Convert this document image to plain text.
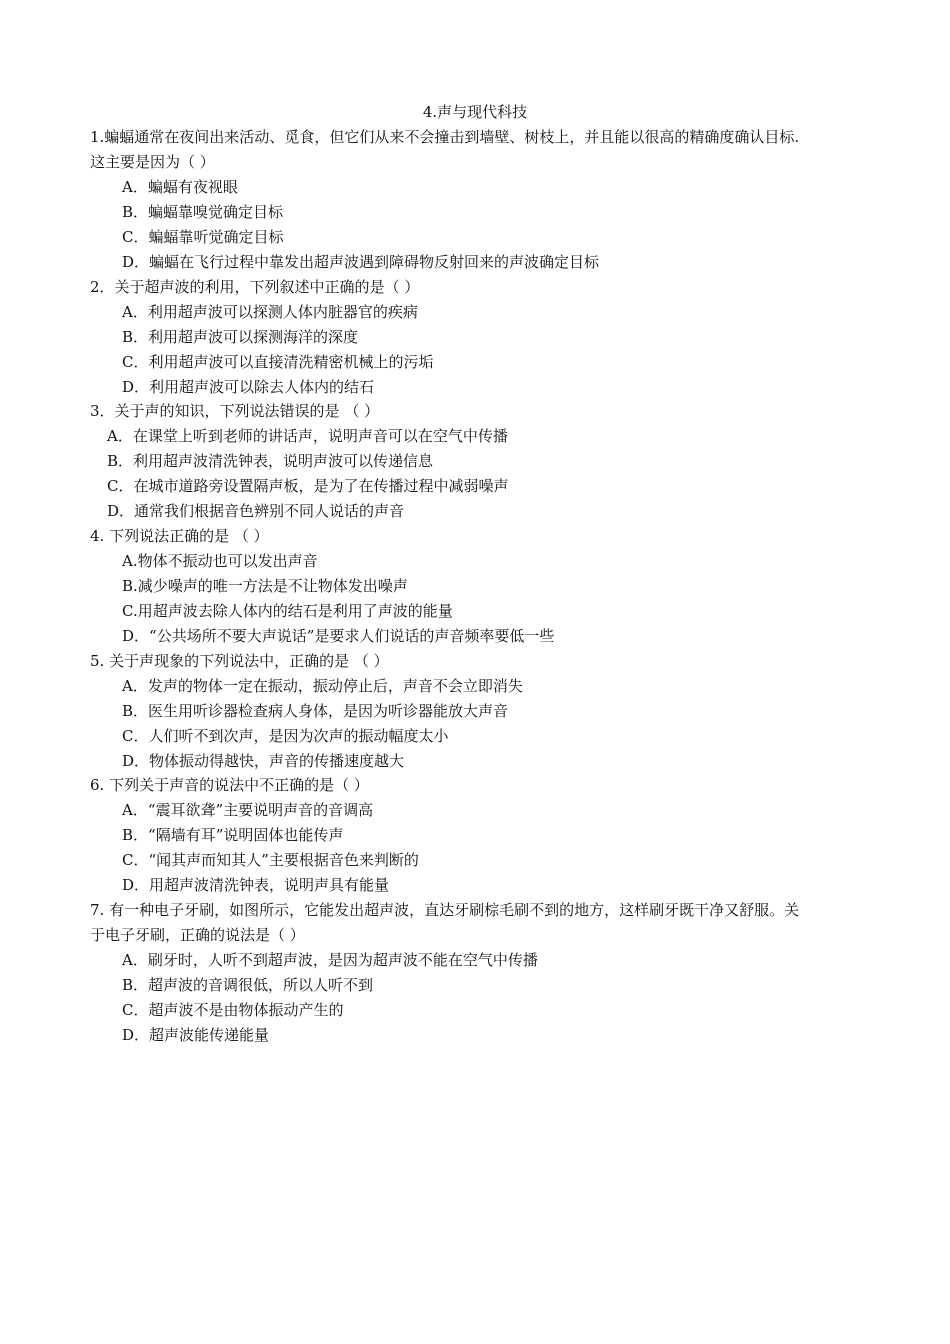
4.声与现代科技
1.蝙蝠通常在夜间出来活动、觅食，但它们从来不会撞击到墙壁、树枝上，并且能以很高的精确度确认目标.
这主要是因为（ ）
A．蝙蝠有夜视眼
B．蝙蝠靠嗅觉确定目标
C．蝙蝠靠听觉确定目标
D．蝙蝠在飞行过程中靠发出超声波遇到障碍物反射回来的声波确定目标
2．关于超声波的利用，下列叙述中正确的是（ ）
A．利用超声波可以探测人体内脏器官的疾病
B．利用超声波可以探测海洋的深度
C．利用超声波可以直接清洗精密机械上的污垢
D．利用超声波可以除去人体内的结石
3．关于声的知识，下列说法错误的是 （ ）
A．在课堂上听到老师的讲话声，说明声音可以在空气中传播
B．利用超声波清洗钟表，说明声波可以传递信息
C．在城市道路旁设置隔声板，是为了在传播过程中减弱噪声
D．通常我们根据音色辨别不同人说话的声音
4. 下列说法正确的是 （ ）
A.物体不振动也可以发出声音
B.减少噪声的唯一方法是不让物体发出噪声
C.用超声波去除人体内的结石是利用了声波的能量
D．“公共场所不要大声说话”是要求人们说话的声音频率要低一些
5. 关于声现象的下列说法中，正确的是 （ ）
A．发声的物体一定在振动，振动停止后，声音不会立即消失
B．医生用听诊器检查病人身体，是因为听诊器能放大声音
C．人们听不到次声，是因为次声的振动幅度太小
D．物体振动得越快，声音的传播速度越大
6. 下列关于声音的说法中不正确的是（ ）
A．“震耳欲聋”主要说明声音的音调高
B．“隔墙有耳”说明固体也能传声
C．“闻其声而知其人”主要根据音色来判断的
D．用超声波清洗钟表，说明声具有能量
7. 有一种电子牙刷，如图所示，它能发出超声波，直达牙刷棕毛刷不到的地方，这样刷牙既干净又舒服。关
于电子牙刷，正确的说法是（ ）
A．刷牙时，人听不到超声波，是因为超声波不能在空气中传播
B．超声波的音调很低，所以人听不到
C．超声波不是由物体振动产生的
D．超声波能传递能量
